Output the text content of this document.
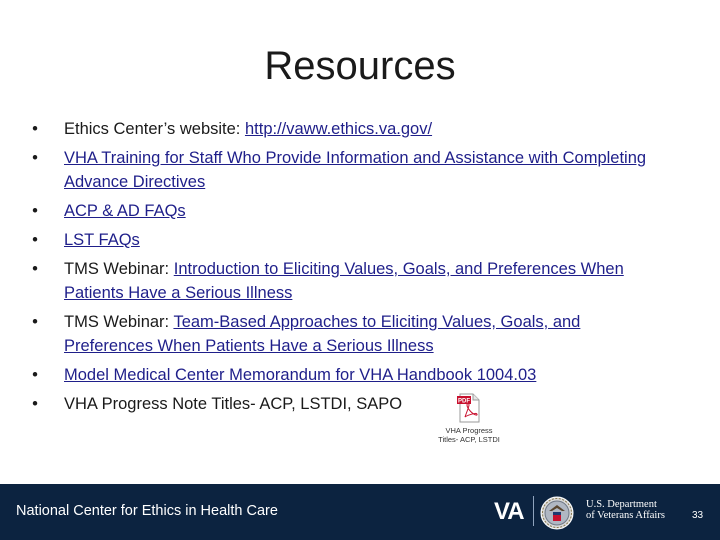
Resources
• Ethics Center’s website: http://vaww.ethics.va.gov/
• VHA Training for Staff Who Provide Information and Assistance with Completing Advance Directives
• ACP & AD FAQs
• LST FAQs
• TMS Webinar: Introduction to Eliciting Values, Goals, and Preferences When Patients Have a Serious Illness
• TMS Webinar: Team-Based Approaches to Eliciting Values, Goals, and Preferences When Patients Have a Serious Illness
• Model Medical Center Memorandum for VHA Handbook 1004.03
• VHA Progress Note Titles- ACP, LSTDI, SAPO	PDF
VHA Progress
Titles- ACP, LSTDI
National Center for Ethics in Health Care	VA	U.S. Department
of Veterans Affairs	33
